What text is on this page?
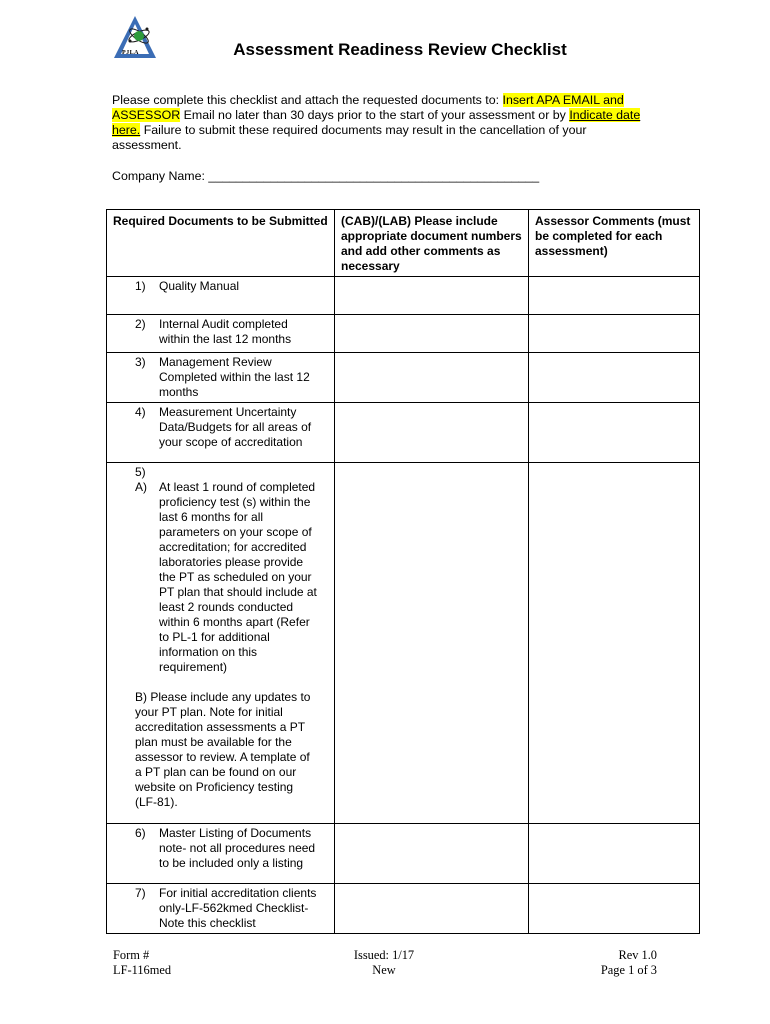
PJLA	Assessment Readiness Review Checklist
Please complete this checklist and attach the requested documents to: Insert APA EMAIL and ASSESSOR Email no later than 30 days prior to the start of your assessment or by Indicate date here. Failure to submit these required documents may result in the cancellation of your assessment.
Company Name: ________________________________________________
Required Documents to be Submitted	(CAB)/(LAB) Please include appropriate document numbers and add other comments as necessary	Assessor Comments (must be completed for each assessment)

1) Quality Manual		

2) Internal Audit completed within the last 12 months		

3) Management Review Completed within the last 12 months		

4) Measurement Uncertainty Data/Budgets for all areas of your scope of accreditation		

5)
A) At least 1 round of completed proficiency test (s) within the last 6 months for all parameters on your scope of accreditation; for accredited laboratories please provide the PT as scheduled on your PT plan that should include at least 2 rounds conducted within 6 months apart (Refer to PL-1 for additional information on this requirement)
B) Please include any updates to your PT plan. Note for initial accreditation assessments a PT plan must be available for the assessor to review. A template of a PT plan can be found on our website on Proficiency testing (LF-81).		

6) Master Listing of Documents note- not all procedures need to be included only a listing		

7) For initial accreditation clients only-LF-562kmed Checklist-Note this checklist		

Form #
LF-116med
Issued: 1/17
New
Rev 1.0
Page 1 of 3
